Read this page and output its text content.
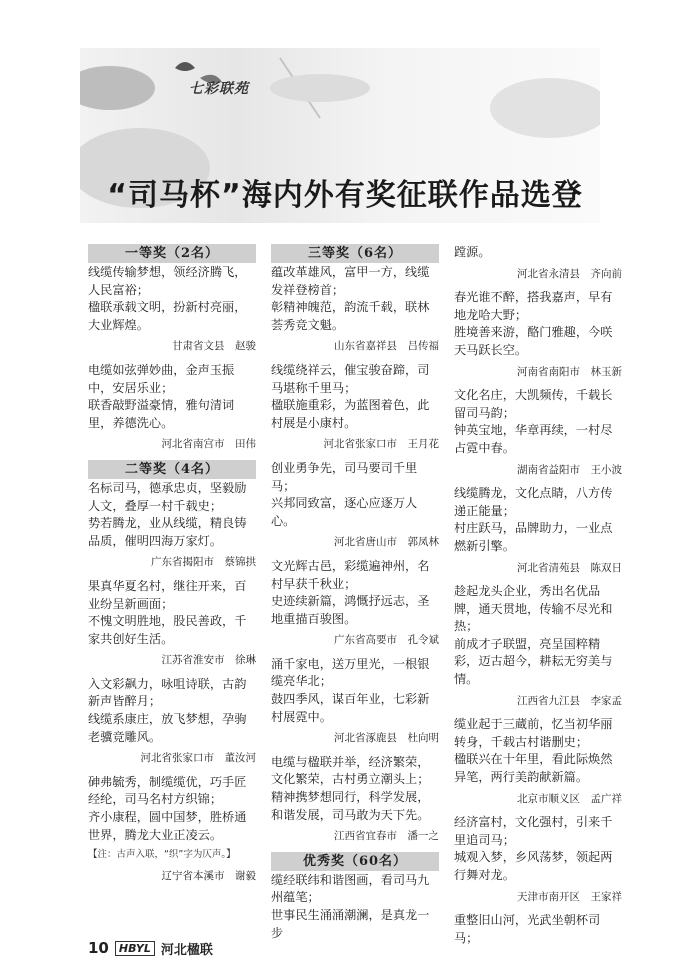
七彩联苑
“司马杯”海内外有奖征联作品选登
一等奖（2名）

线缆传输梦想，领经济腾飞，人民富裕；

楹联承载文明，扮新村亮丽，大业辉煌。

甘肃省文县　赵骏

电缆如弦弹妙曲，金声玉振中，安居乐业；

联香敲野溢豪情，雅句清词里，养德洗心。

河北省南宫市　田伟
二等奖（4名）

名标司马，德承忠贞，坚毅励人文，叠厚一村千载史；

势若腾龙，业从线缆，精良铸品质，催明四海万家灯。

广东省揭阳市　蔡锦拱

果真华夏名村，继往开来，百业纷呈新画面；

不愧文明胜地，股民善政，千家共创好生活。

江苏省淮安市　徐琳

入文彩飙力，咏咀诗联，古韵新声皆醉月；

线缆系康庄，放飞梦想，孕驹老骥竞雕风。

河北省张家口市　董汝河

砷弗毓秀，制缆缆优，巧手匠经纶，司马名村方织锦；

齐小康程，圆中国梦，胜桥通世界，腾龙大业正凌云。

【注：古声入联，“织”字为仄声。】
辽宁省本溪市　谢毅
三等奖（6名）

蕴改革雄风，富甲一方，线缆发祥登榜首；

彰精神魄范，韵流千载，联林荟秀竞文魁。

山东省嘉祥县　吕传福

线缆绕祥云，催宝骏奋蹄，司马堪称千里马；

楹联施重彩，为蓝图着色，此村展是小康村。

河北省张家口市　王月花

创业勇争先，司马要司千里马；

兴邦同致富，逐心应逐万人心。

河北省唐山市　郭凤林

文光辉古邑，彩缆遍神州，名村早获千秋业；

史迹续新篇，鸿慨抒远志，圣地重描百骏图。

广东省高要市　孔令斌

涌千家电，送万里光，一根银缆亮华北；

鼓四季风，谋百年业，七彩新村展霓中。

河北省涿鹿县　杜向明

电缆与楹联并举，经济繁荣，文化繁荣，古村勇立潮头上；

精神携梦想同行，科学发展，和谐发展，司马敢为天下先。

江西省宜春市　潘一之
优秀奖（60名）

缆经联纬和谐图画，看司马九州蕴笔；

世事民生涌涌潮澜，是真龙一步

蹚源。

河北省永清县　齐向前

春光谁不醉，搭我嘉声，早有地龙哈大野；

胜境善来游，酪门雅趣，今咲天马跃长空。

河南省南阳市　林玉新

文化名庄，大凯频传，千载长留司马韵；

钟英宝地，华章再续，一村尽占霓中春。

湖南省益阳市　王小波

线缆腾龙，文化点睛，八方传递正能量；

村庄跃马，品牌助力，一业点燃新引擎。

河北省清苑县　陈双日

趁起龙头企业，秀出名优品牌，通天贯地，传输不尽光和热；

前成才子联盟，亮呈国粹精彩，迈古超今，耕耘无穷美与情。

江西省九江县　李家孟

缆业起于三蔵前，忆当初华丽转身，千载古村谐删史；

楹联兴在十年里，看此际焕然异笔，两行美韵献新篇。

北京市顺义区　孟广祥

经济富村，文化强村，引来千里追司马；

城观入梦，乡风荡梦，领起两行舞对龙。

天津市南开区　王家祥

重整旧山河，光武坐朝杯司马；

10 HBYL 河北楹联
